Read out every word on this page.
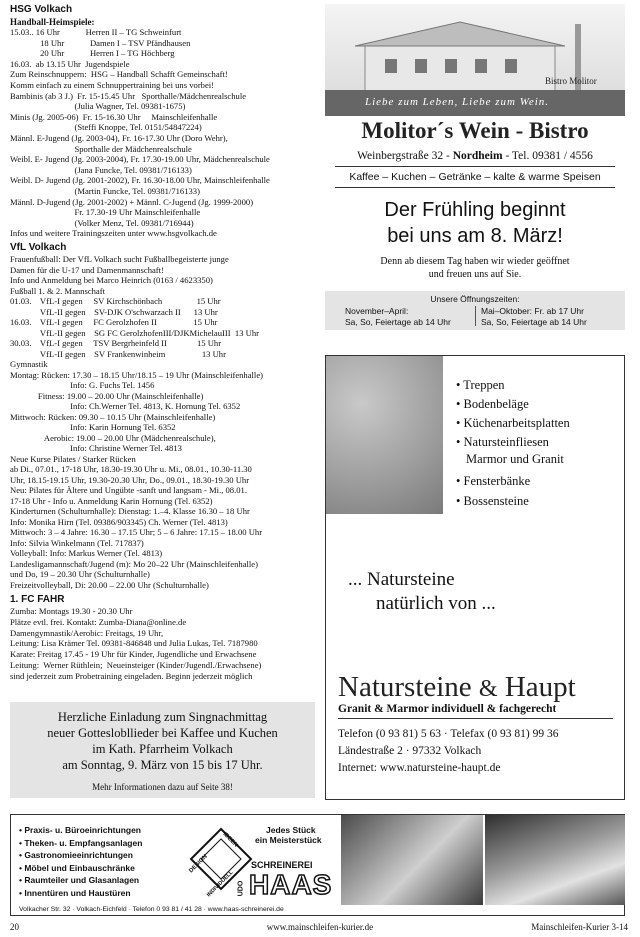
HSG Volkach
Handball-Heimspiele:
15.03.. 16 Uhr            Herren II – TG Schweinfurt
18 Uhr            Damen I – TSV Pfändhausen
20 Uhr            Herren I – TG Höchberg
16.03.  ab 13.15 Uhr  Jugendspiele
Zum Reinschnuppern:  HSG – Handball Schafft Gemeinschaft!
Komm einfach zu einem Schnuppertraining bei uns vorbei!
Bambinis (ab 3 J.)  Fr. 15-15.45 Uhr   Sporthalle/Mädchenrealschule
(Julia Wagner, Tel. 09381-1675)
Minis (Jg. 2005-06)  Fr. 15-16.30 Uhr     Mainschleifenhalle
(Steffi Knoppe, Tel. 0151/54847224)
Männl. E-Jugend (Jg. 2003-04), Fr. 16-17.30 Uhr (Doro Wehr),
Sporthalle der Mädchenrealschule
Weibl. E- Jugend (Jg. 2003-2004), Fr. 17.30-19.00 Uhr, Mädchenrealschule
(Jana Funcke, Tel. 09381/716133)
Weibl. D- Jugend (Jg. 2001-2002), Fr. 16.30-18.00 Uhr, Mainschleifenhalle
(Martin Funcke, Tel. 09381/716133)
Männl. D-Jugend (Jg. 2001-2002) + Männl. C-Jugend (Jg. 1999-2000)
Fr. 17.30-19 Uhr Mainschleifenhalle
(Volker Menz, Tel. 09381/716944)
Infos und weitere Trainingszeiten unter www.hsgvolkach.de
VfL Volkach
Frauenfußball: Der VfL Volkach sucht Fußballbegeisterte junge
Damen für die U-17 und Damenmannschaft!
Info und Anmeldung bei Marco Heinrich (0163 / 4623350)
Fußball 1. & 2. Mannschaft
01.03.    VfL-I gegen     SV Kirchschönbach                15 Uhr
VfL-II gegen    SV-DJK O'schwarzach II      13 Uhr
16.03.    VfL-I gegen     FC Gerolzhofen II                 15 Uhr
VfL-II gegen    SG FC GerolzhofenIII/DJKMichelauIII  13 Uhr
30.03.    VfL-I gegen     TSV Bergrheinfeld II              15 Uhr
VfL-II gegen    SV Frankenwinheim                 13 Uhr
Gymnastik
Montag: Rücken: 17.30 – 18.15 Uhr/18.15 – 19 Uhr (Mainschleifenhalle)
Info: G. Fuchs Tel. 1456
Fitness: 19.00 – 20.00 Uhr (Mainschleifenhalle)
Info: Ch.Werner Tel. 4813, K. Hornung Tel. 6352
Mittwoch: Rücken: 09.30 – 10.15 Uhr (Mainschleifenhalle)
Info: Karin Hornung Tel. 6352
Aerobic: 19.00 – 20.00 Uhr (Mädchenrealschule),
Info: Christine Werner Tel. 4813
Neue Kurse Pilates / Starker Rücken
ab Di., 07.01., 17-18 Uhr, 18.30-19.30 Uhr u. Mi., 08.01., 10.30-11.30
Uhr, 18.15-19.15 Uhr, 19.30-20.30 Uhr, Do., 09.01., 18.30-19.30 Uhr
Neu: Pilates für Ältere und Ungübte -sanft und langsam - Mi., 08.01.
17-18 Uhr - Info u. Anmeldung Karin Hornung (Tel. 6352)
Kinderturnen (Schulturnhalle): Dienstag: 1.–4. Klasse 16.30 – 18 Uhr
Info: Monika Hirn (Tel. 09386/903345) Ch. Werner (Tel. 4813)
Mittwoch: 3 – 4 Jahre: 16.30 – 17.15 Uhr; 5 – 6 Jahre: 17.15 – 18.00 Uhr
Info: Silvia Winkelmann (Tel. 717837)
Volleyball: Info: Markus Werner (Tel. 4813)
Landesligamannschaft/Jugend (m): Mo 20–22 Uhr (Mainschleifenhalle)
und Do, 19 – 20.30 Uhr (Schulturnhalle)
Freizeitvolleyball, Di: 20.00 – 22.00 Uhr (Schulturnhalle)
1. FC FAHR
Zumba: Montags 19.30 - 20.30 Uhr
Plätze evtl. frei. Kontakt: Zumba-Diana@online.de
Damengymnastik/Aerobic: Freitags, 19 Uhr,
Leitung: Lisa Krämer Tel. 09381-846848 und Julia Lukas, Tel. 7187980
Karate: Freitag 17.45 - 19 Uhr für Kinder, Jugendliche und Erwachsene
Leitung:  Werner Rüthlein;  Neueinsteiger (Kinder/Jugendl./Erwachsene)
sind jederzeit zum Probetraining eingeladen. Beginn jederzeit möglich
Herzliche Einladung zum Singnachmittag
neuer Gotteslobllieder bei Kaffee und Kuchen
im Kath. Pfarrheim Volkach
am Sonntag, 9. März von 15 bis 17 Uhr.
Mehr Informationen dazu auf Seite 38!
Bistro Molitor
Liebe zum Leben, Liebe zum Wein.
Molitor´s Wein - Bistro
Weinbergstraße 32 - Nordheim - Tel. 09381 / 4556
Kaffee – Kuchen – Getränke – kalte & warme Speisen
Der Frühling beginnt
bei uns am 8. März!
Denn ab diesem Tag haben wir wieder geöffnet
und freuen uns auf Sie.
Unsere Öffnungszeiten:
November–April:
Sa, So, Feiertage ab 14 Uhr
Mai–Oktober: Fr. ab 17 Uhr
Sa, So, Feiertage ab 14 Uhr
• Treppen
• Bodenbeläge
• Küchenarbeitsplatten
• Natursteinfliesen
Marmor und Granit
• Fensterbänke
• Bossensteine
... Natursteine
natürlich von ...
Natursteine & Haupt
Granit & Marmor individuell & fachgerecht
Telefon (0 93 81) 5 63 · Telefax (0 93 81) 99 36
Ländestraße 2 · 97332 Volkach
Internet: www.natursteine-haupt.de
• Praxis- u. Büroeinrichtungen
• Theken- u. Empfangsanlagen
• Gastronomieeinrichtungen
• Möbel und Einbauschränke
• Raumteiler und Glasanlagen
• Innentüren und Haustüren
DESIGN
IDEEN
INDIVIDUELL
Jedes Stück
ein Meisterstück
SCHREINEREI
UDO HAAS
Volkacher Str. 32 · Volkach-Eichfeld · Telefon 0 93 81 / 41 28 · www.haas-schreinerei.de
20	www.mainschleifen-kurier.de	Mainschleifen-Kurier 3-14
